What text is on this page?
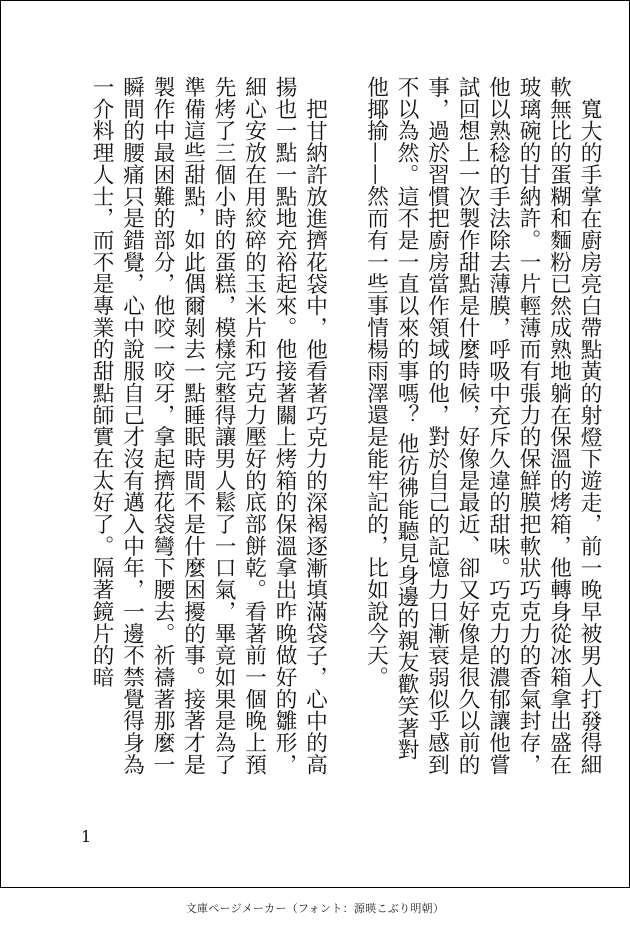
寬大的手掌在廚房亮白帶點黃的射燈下遊走，前一晚早被男人打發得細軟無比的蛋糊和麵粉已然成熟地躺在保溫的烤箱，他轉身從冰箱拿出盛在玻璃碗的甘納許。一片輕薄而有張力的保鮮膜把軟狀巧克力的香氣封存，他以熟稔的手法除去薄膜，呼吸中充斥久違的甜味。巧克力的濃郁讓他嘗試回想上一次製作甜點是什麼時候，好像是最近、卻又好像是很久以前的事，過於習慣把廚房當作領域的他，對於自己的記憶力日漸衰弱似乎感到不以為然。這不是一直以來的事嗎？ 他彷彿能聽見身邊的親友歡笑著對他揶揄——然而有一些事情楊雨澤還是能牢記的，比如說今天。

把甘納許放進擠花袋中，他看著巧克力的深褐逐漸填滿袋子，心中的高揚也一點一點地充裕起來。他接著關上烤箱的保溫拿出昨晚做好的雛形，細心安放在用絞碎的玉米片和巧克力壓好的底部餅乾。看著前一個晚上預先烤了三個小時的蛋糕，模樣完整得讓男人鬆了一口氣，畢竟如果是為了準備這些甜點，如此偶爾剝去一點睡眠時間不是什麼困擾的事。接著才是製作中最困難的部分，他咬一咬牙，拿起擠花袋彎下腰去。祈禱著那麼一瞬間的腰痛只是錯覺，心中說服自己才沒有邁入中年，一邊不禁覺得身為一介料理人士，而不是專業的甜點師實在太好了。隔著鏡片的暗

1
文庫ページメーカー（フォント：源暎こぶり明朝）
